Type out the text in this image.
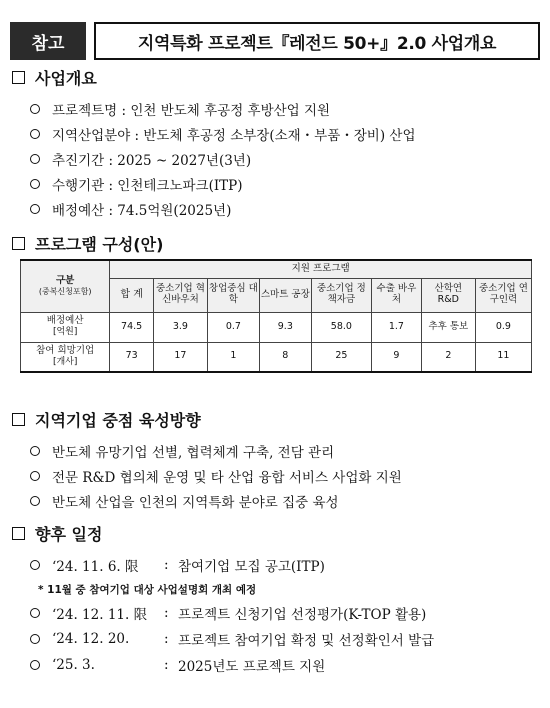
참고	지역특화 프로젝트『레전드 50+』2.0 사업개요
사업개요
프로젝트명 : 인천 반도체 후공정 후방산업 지원
지역산업분야 : 반도체 후공정 소부장(소재・부품・장비) 산업
추진기간 : 2025 ~ 2027년(3년)
수행기관 : 인천테크노파크(ITP)
배정예산 : 74.5억원(2025년)
프로그램 구성(안)
구분
(중복신청포함)	지원 프로그램							
	합 계	중소기업 혁신바우처	창업중심 대학	스마트 공장	중소기업 정책자금	수출 바우처	산학연 R&D	중소기업 연구인력
배정예산
[억원]	74.5	3.9	0.7	9.3	58.0	1.7	추후 통보	0.9
참여 희망기업
[개사]	73	17	1	8	25	9	2	11
지역기업 중점 육성방향
반도체 유망기업 선별, 협력체계 구축, 전담 관리
전문 R&D 협의체 운영 및 타 산업 융합 서비스 사업화 지원
반도체 산업을 인천의 지역특화 분야로 집중 육성
향후 일정
‘24. 11. 6. 限	: 참여기업 모집 공고(ITP)
* 11월 중 참여기업 대상 사업설명회 개최 예정
‘24. 12. 11. 限	: 프로젝트 신청기업 선정평가(K-TOP 활용)
‘24. 12. 20.	: 프로젝트 참여기업 확정 및 선정확인서 발급
‘25. 3.	: 2025년도 프로젝트 지원
